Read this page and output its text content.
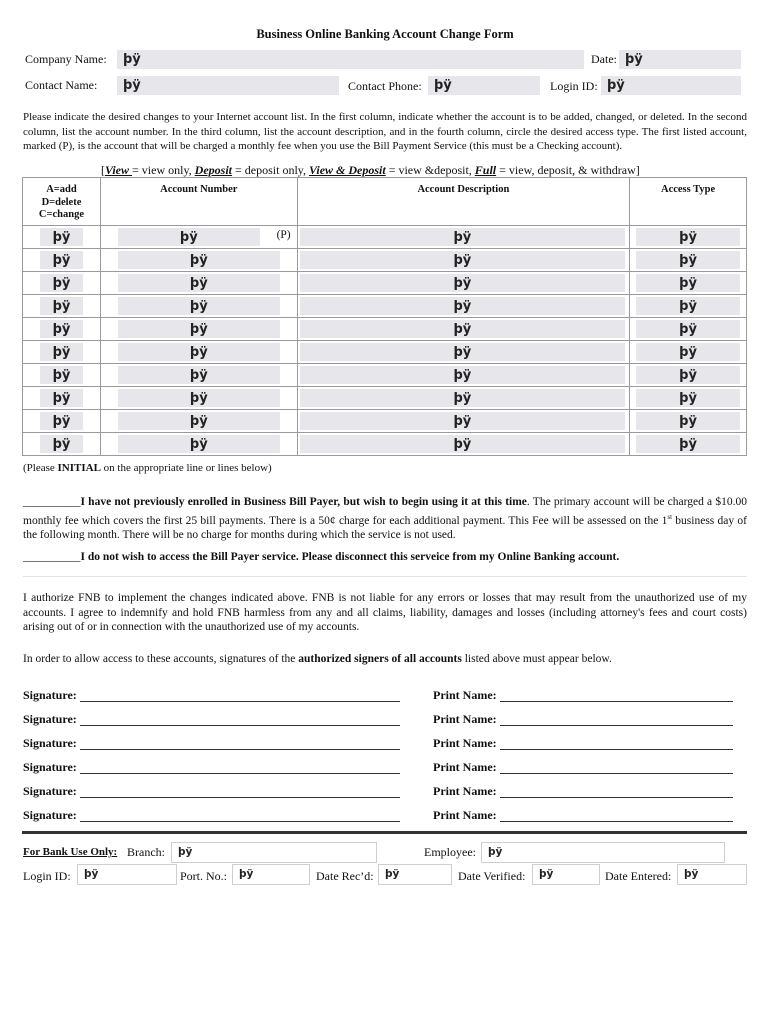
Business Online Banking Account Change Form
Company Name:	þÿ	Date: þÿ
Contact Name:	þÿ	Contact Phone: þÿ	Login ID: þÿ
Please indicate the desired changes to your Internet account list. In the first column, indicate whether the account is to be added, changed, or deleted. In the second column, list the account number. In the third column, list the account description, and in the fourth column, circle the desired access type. The first listed account, marked (P), is the account that will be charged a monthly fee when you use the Bill Payment Service (this must be a Checking account).
[View = view only, Deposit = deposit only, View & Deposit = view &deposit, Full = view, deposit, & withdraw]
A=add
D=delete
C=change	Account Number	Account Description	Access Type

þÿ	þÿ (P)	þÿ	þÿ

þÿ	þÿ	þÿ	þÿ

þÿ	þÿ	þÿ	þÿ

þÿ	þÿ	þÿ	þÿ

þÿ	þÿ	þÿ	þÿ

þÿ	þÿ	þÿ	þÿ

þÿ	þÿ	þÿ	þÿ

þÿ	þÿ	þÿ	þÿ

þÿ	þÿ	þÿ	þÿ

þÿ	þÿ	þÿ	þÿ
(Please INITIAL on the appropriate line or lines below)
__________I have not previously enrolled in Business Bill Payer, but wish to begin using it at this time. The primary account will be charged a $10.00 monthly fee which covers the first 25 bill payments. There is a 50¢ charge for each additional payment. This Fee will be assessed on the 1st business day of the following month. There will be no charge for months during which the service is not used.
__________I do not wish to access the Bill Payer service. Please disconnect this serveice from my Online Banking account.
I authorize FNB to implement the changes indicated above. FNB is not liable for any errors or losses that may result from the unauthorized use of my accounts. I agree to indemnify and hold FNB harmless from any and all claims, liability, damages and losses (including attorney's fees and court costs) arising out of or in connection with the unauthorized use of my accounts.
In order to allow access to these accounts, signatures of the authorized signers of all accounts listed above must appear below.
Signature:	Print Name:
Signature:	Print Name:
Signature:	Print Name:
Signature:	Print Name:
Signature:	Print Name:
Signature:	Print Name:
For Bank Use Only: Branch:	þÿ	Employee:	þÿ
Login ID:	þÿ	Port. No.:	þÿ	Date Rec’d:	þÿ	Date Verified:	þÿ	Date Entered:	þÿ
